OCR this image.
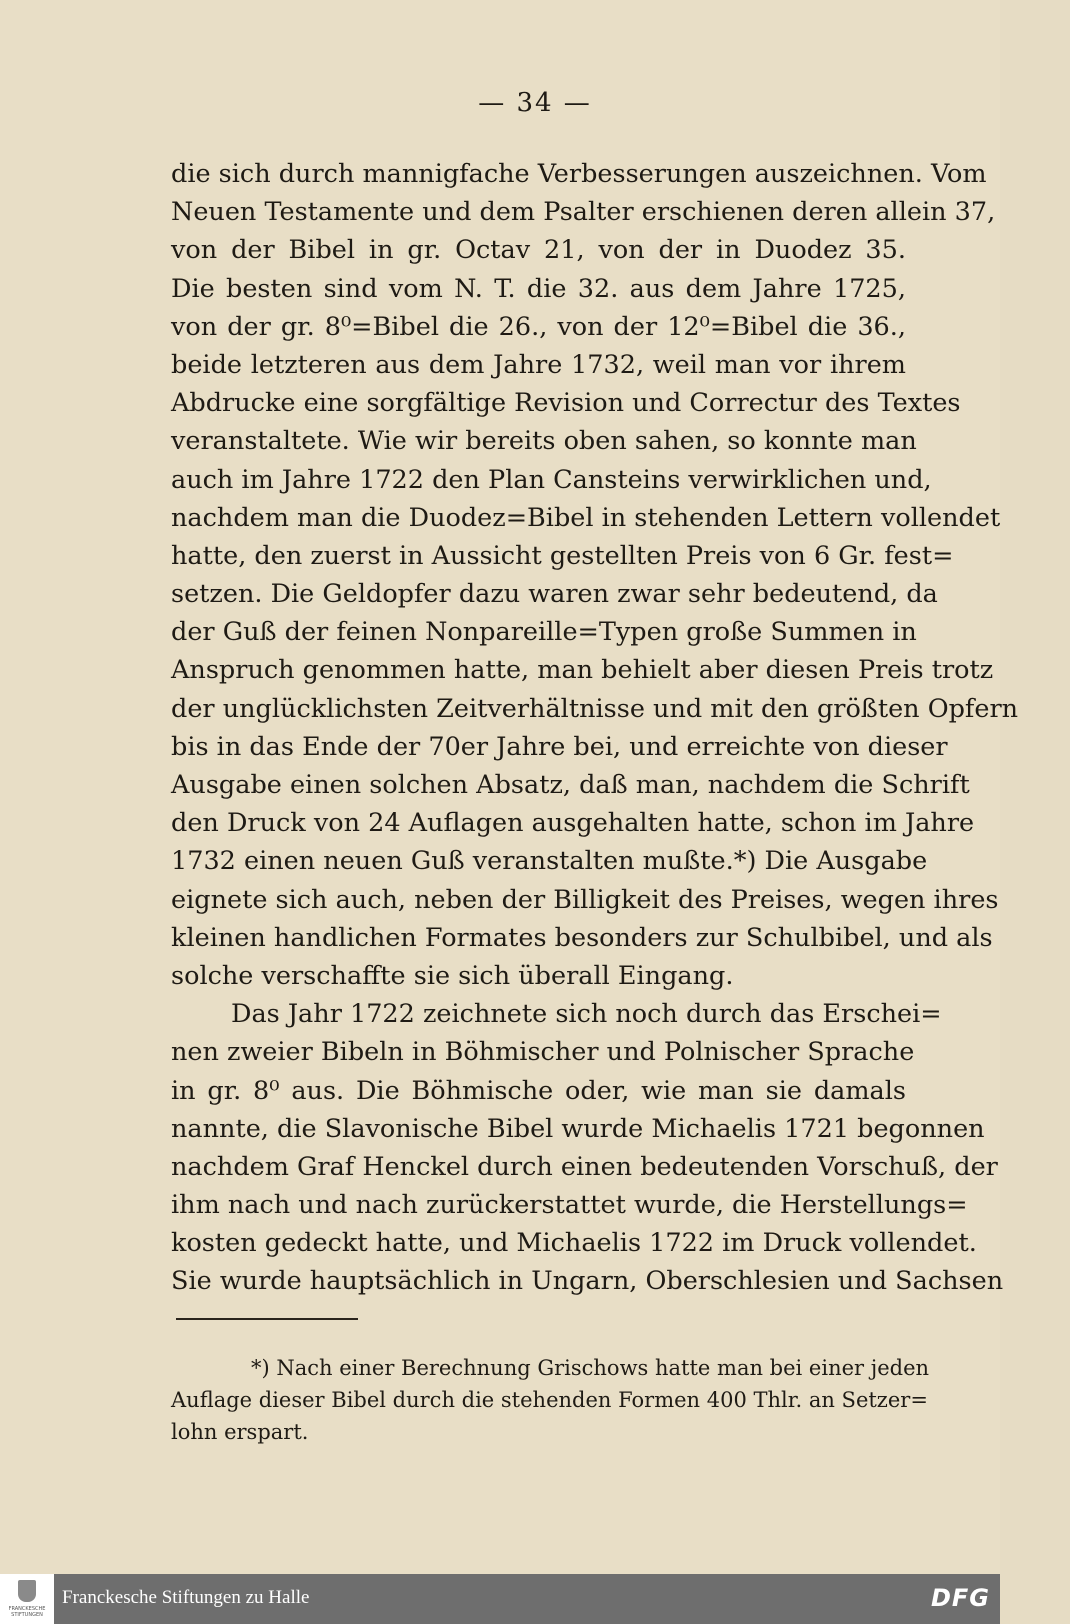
— 34 —
die sich durch mannigfache Verbesserungen auszeichnen. Vom
Neuen Testamente und dem Psalter erschienen deren allein 37,
von der Bibel in gr. Octav 21, von der in Duodez 35.
Die besten sind vom N. T. die 32. aus dem Jahre 1725,
von der gr. 8⁰=Bibel die 26., von der 12⁰=Bibel die 36.,
beide letzteren aus dem Jahre 1732, weil man vor ihrem
Abdrucke eine sorgfältige Revision und Correctur des Textes
veranstaltete. Wie wir bereits oben sahen, so konnte man
auch im Jahre 1722 den Plan Cansteins verwirklichen und,
nachdem man die Duodez=Bibel in stehenden Lettern vollendet
hatte, den zuerst in Aussicht gestellten Preis von 6 Gr. fest=
setzen. Die Geldopfer dazu waren zwar sehr bedeutend, da
der Guß der feinen Nonpareille=Typen große Summen in
Anspruch genommen hatte, man behielt aber diesen Preis trotz
der unglücklichsten Zeitverhältnisse und mit den größten Opfern
bis in das Ende der 70er Jahre bei, und erreichte von dieser
Ausgabe einen solchen Absatz, daß man, nachdem die Schrift
den Druck von 24 Auflagen ausgehalten hatte, schon im Jahre
1732 einen neuen Guß veranstalten mußte.*) Die Ausgabe
eignete sich auch, neben der Billigkeit des Preises, wegen ihres
kleinen handlichen Formates besonders zur Schulbibel, und als
solche verschaffte sie sich überall Eingang.
Das Jahr 1722 zeichnete sich noch durch das Erschei=
nen zweier Bibeln in Böhmischer und Polnischer Sprache
in gr. 8⁰ aus. Die Böhmische oder, wie man sie damals
nannte, die Slavonische Bibel wurde Michaelis 1721 begonnen
nachdem Graf Henckel durch einen bedeutenden Vorschuß, der
ihm nach und nach zurückerstattet wurde, die Herstellungs=
kosten gedeckt hatte, und Michaelis 1722 im Druck vollendet.
Sie wurde hauptsächlich in Ungarn, Oberschlesien und Sachsen
*) Nach einer Berechnung Grischows hatte man bei einer jeden
Auflage dieser Bibel durch die stehenden Formen 400 Thlr. an Setzer=
lohn erspart.
FRANCKESCHE STIFTUNGEN
Franckesche Stiftungen zu Halle	DFG
